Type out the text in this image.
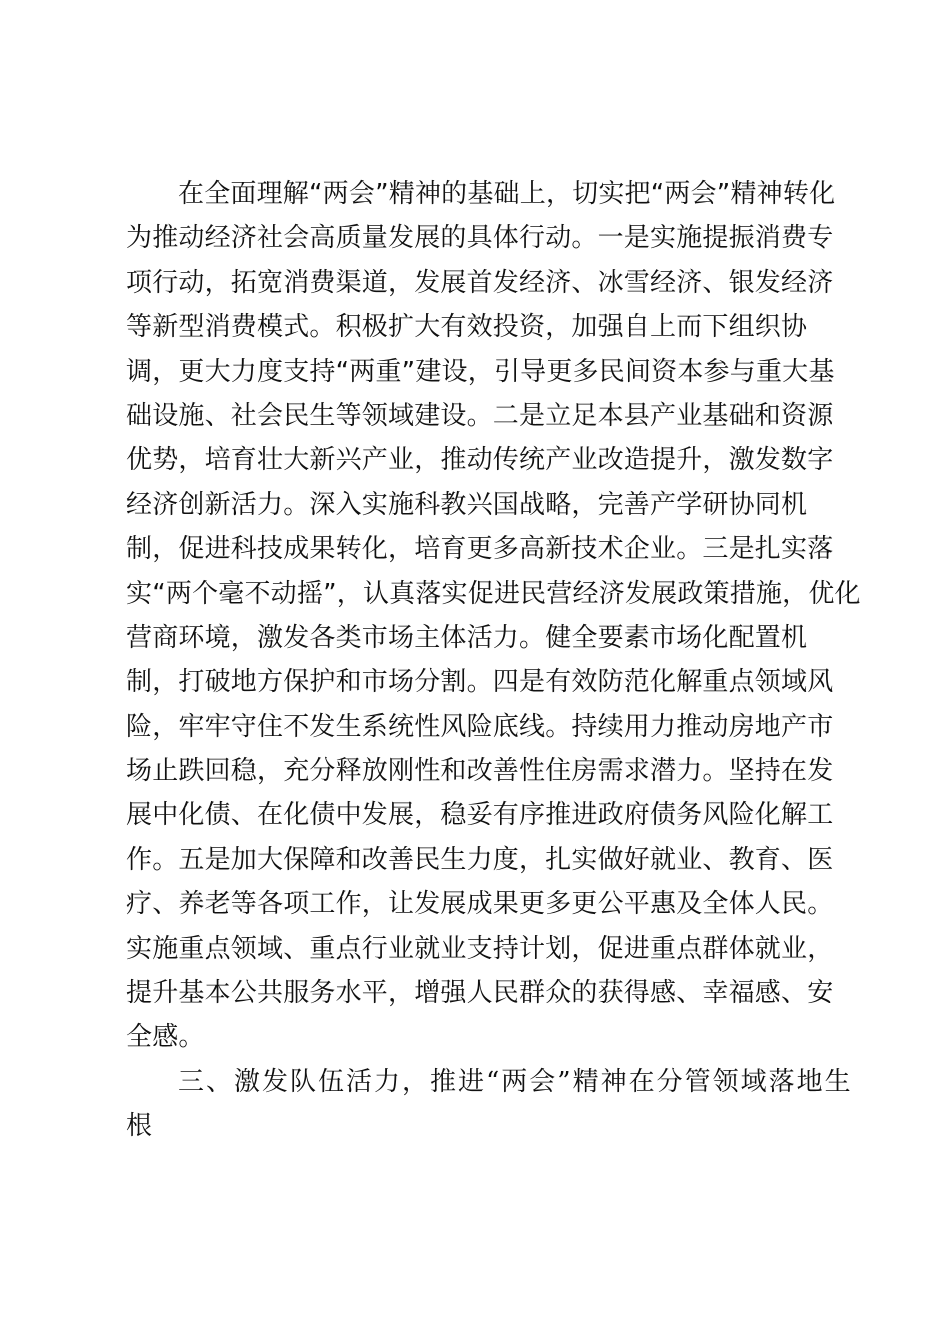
在全面理解“两会”精神的基础上，切实把“两会”精神转化
为推动经济社会高质量发展的具体行动。一是实施提振消费专
项行动，拓宽消费渠道，发展首发经济、冰雪经济、银发经济
等新型消费模式。积极扩大有效投资，加强自上而下组织协
调，更大力度支持“两重”建设，引导更多民间资本参与重大基
础设施、社会民生等领域建设。二是立足本县产业基础和资源
优势，培育壮大新兴产业，推动传统产业改造提升，激发数字
经济创新活力。深入实施科教兴国战略，完善产学研协同机
制，促进科技成果转化，培育更多高新技术企业。三是扎实落
实“两个毫不动摇”，认真落实促进民营经济发展政策措施，优化
营商环境，激发各类市场主体活力。健全要素市场化配置机
制，打破地方保护和市场分割。四是有效防范化解重点领域风
险，牢牢守住不发生系统性风险底线。持续用力推动房地产市
场止跌回稳，充分释放刚性和改善性住房需求潜力。坚持在发
展中化债、在化债中发展，稳妥有序推进政府债务风险化解工
作。五是加大保障和改善民生力度，扎实做好就业、教育、医
疗、养老等各项工作，让发展成果更多更公平惠及全体人民。
实施重点领域、重点行业就业支持计划，促进重点群体就业，
提升基本公共服务水平，增强人民群众的获得感、幸福感、安
全感。
三、激发队伍活力，推进“两会”精神在分管领域落地生
根
